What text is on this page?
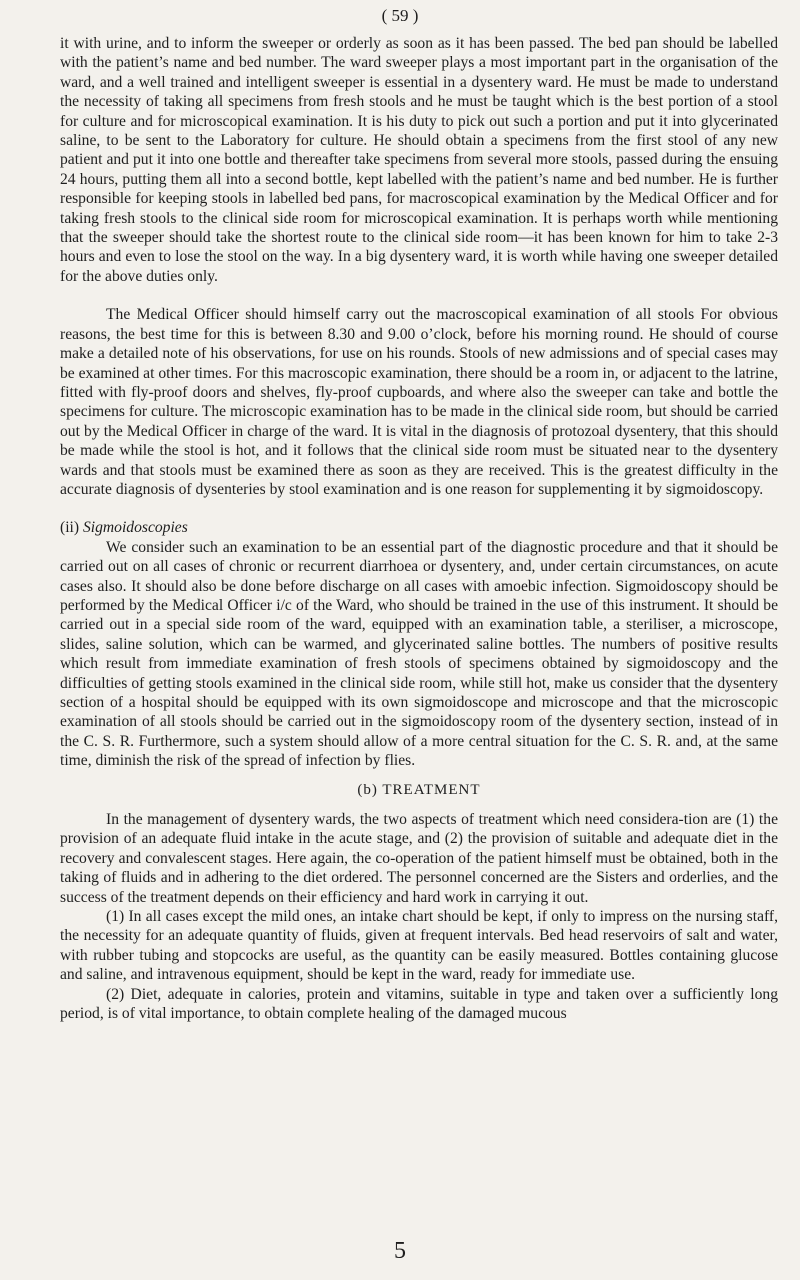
( 59 )

it with urine, and to inform the sweeper or orderly as soon as it has been passed. The bed pan should be labelled with the patient’s name and bed number. The ward sweeper plays a most important part in the organisation of the ward, and a well trained and intelligent sweeper is essential in a dysentery ward. He must be made to understand the necessity of taking all specimens from fresh stools and he must be taught which is the best portion of a stool for culture and for microscopical examination. It is his duty to pick out such a portion and put it into glycerinated saline, to be sent to the Laboratory for culture. He should obtain a specimens from the first stool of any new patient and put it into one bottle and thereafter take specimens from several more stools, passed during the ensuing 24 hours, putting them all into a second bottle, kept labelled with the patient’s name and bed number. He is further responsible for keeping stools in labelled bed pans, for macroscopical examination by the Medical Officer and for taking fresh stools to the clinical side room for microscopical examination. It is perhaps worth while mentioning that the sweeper should take the shortest route to the clinical side room—it has been known for him to take 2-3 hours and even to lose the stool on the way. In a big dysentery ward, it is worth while having one sweeper detailed for the above duties only.

The Medical Officer should himself carry out the macroscopical examination of all stools For obvious reasons, the best time for this is between 8.30 and 9.00 o’clock, before his morning round. He should of course make a detailed note of his observations, for use on his rounds. Stools of new admissions and of special cases may be examined at other times. For this macroscopic examination, there should be a room in, or adjacent to the latrine, fitted with fly-proof doors and shelves, fly-proof cupboards, and where also the sweeper can take and bottle the specimens for culture. The microscopic examination has to be made in the clinical side room, but should be carried out by the Medical Officer in charge of the ward. It is vital in the diagnosis of protozoal dysentery, that this should be made while the stool is hot, and it follows that the clinical side room must be situated near to the dysentery wards and that stools must be examined there as soon as they are received. This is the greatest difficulty in the accurate diagnosis of dysenteries by stool examination and is one reason for supplementing it by sigmoidoscopy.

(ii) Sigmoidoscopies

We consider such an examination to be an essential part of the diagnostic procedure and that it should be carried out on all cases of chronic or recurrent diarrhoea or dysentery, and, under certain circumstances, on acute cases also. It should also be done before discharge on all cases with amoebic infection. Sigmoidoscopy should be performed by the Medical Officer i/c of the Ward, who should be trained in the use of this instrument. It should be carried out in a special side room of the ward, equipped with an examination table, a steriliser, a microscope, slides, saline solution, which can be warmed, and glycerinated saline bottles. The numbers of positive results which result from immediate examination of fresh stools of specimens obtained by sigmoidoscopy and the difficulties of getting stools examined in the clinical side room, while still hot, make us consider that the dysentery section of a hospital should be equipped with its own sigmoidoscope and microscope and that the microscopic examination of all stools should be carried out in the sigmoidoscopy room of the dysentery section, instead of in the C. S. R. Furthermore, such a system should allow of a more central situation for the C. S. R. and, at the same time, diminish the risk of the spread of infection by flies.

(b) TREATMENT

In the management of dysentery wards, the two aspects of treatment which need considera-tion are (1) the provision of an adequate fluid intake in the acute stage, and (2) the provision of suitable and adequate diet in the recovery and convalescent stages. Here again, the co-operation of the patient himself must be obtained, both in the taking of fluids and in adhering to the diet ordered. The personnel concerned are the Sisters and orderlies, and the success of the treatment depends on their efficiency and hard work in carrying it out.

(1) In all cases except the mild ones, an intake chart should be kept, if only to impress on the nursing staff, the necessity for an adequate quantity of fluids, given at frequent intervals. Bed head reservoirs of salt and water, with rubber tubing and stopcocks are useful, as the quantity can be easily measured. Bottles containing glucose and saline, and intravenous equipment, should be kept in the ward, ready for immediate use.

(2) Diet, adequate in calories, protein and vitamins, suitable in type and taken over a sufficiently long period, is of vital importance, to obtain complete healing of the damaged mucous

5
